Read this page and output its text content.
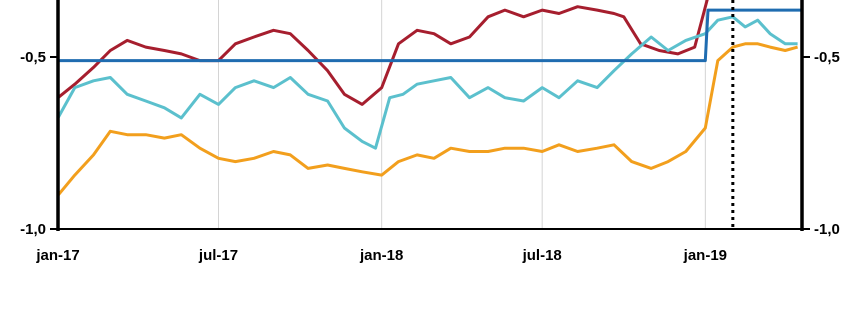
-1,0
-0,5
-1,0
-0,5
jan-17	jul-17	jan-18	jul-18	jan-19
